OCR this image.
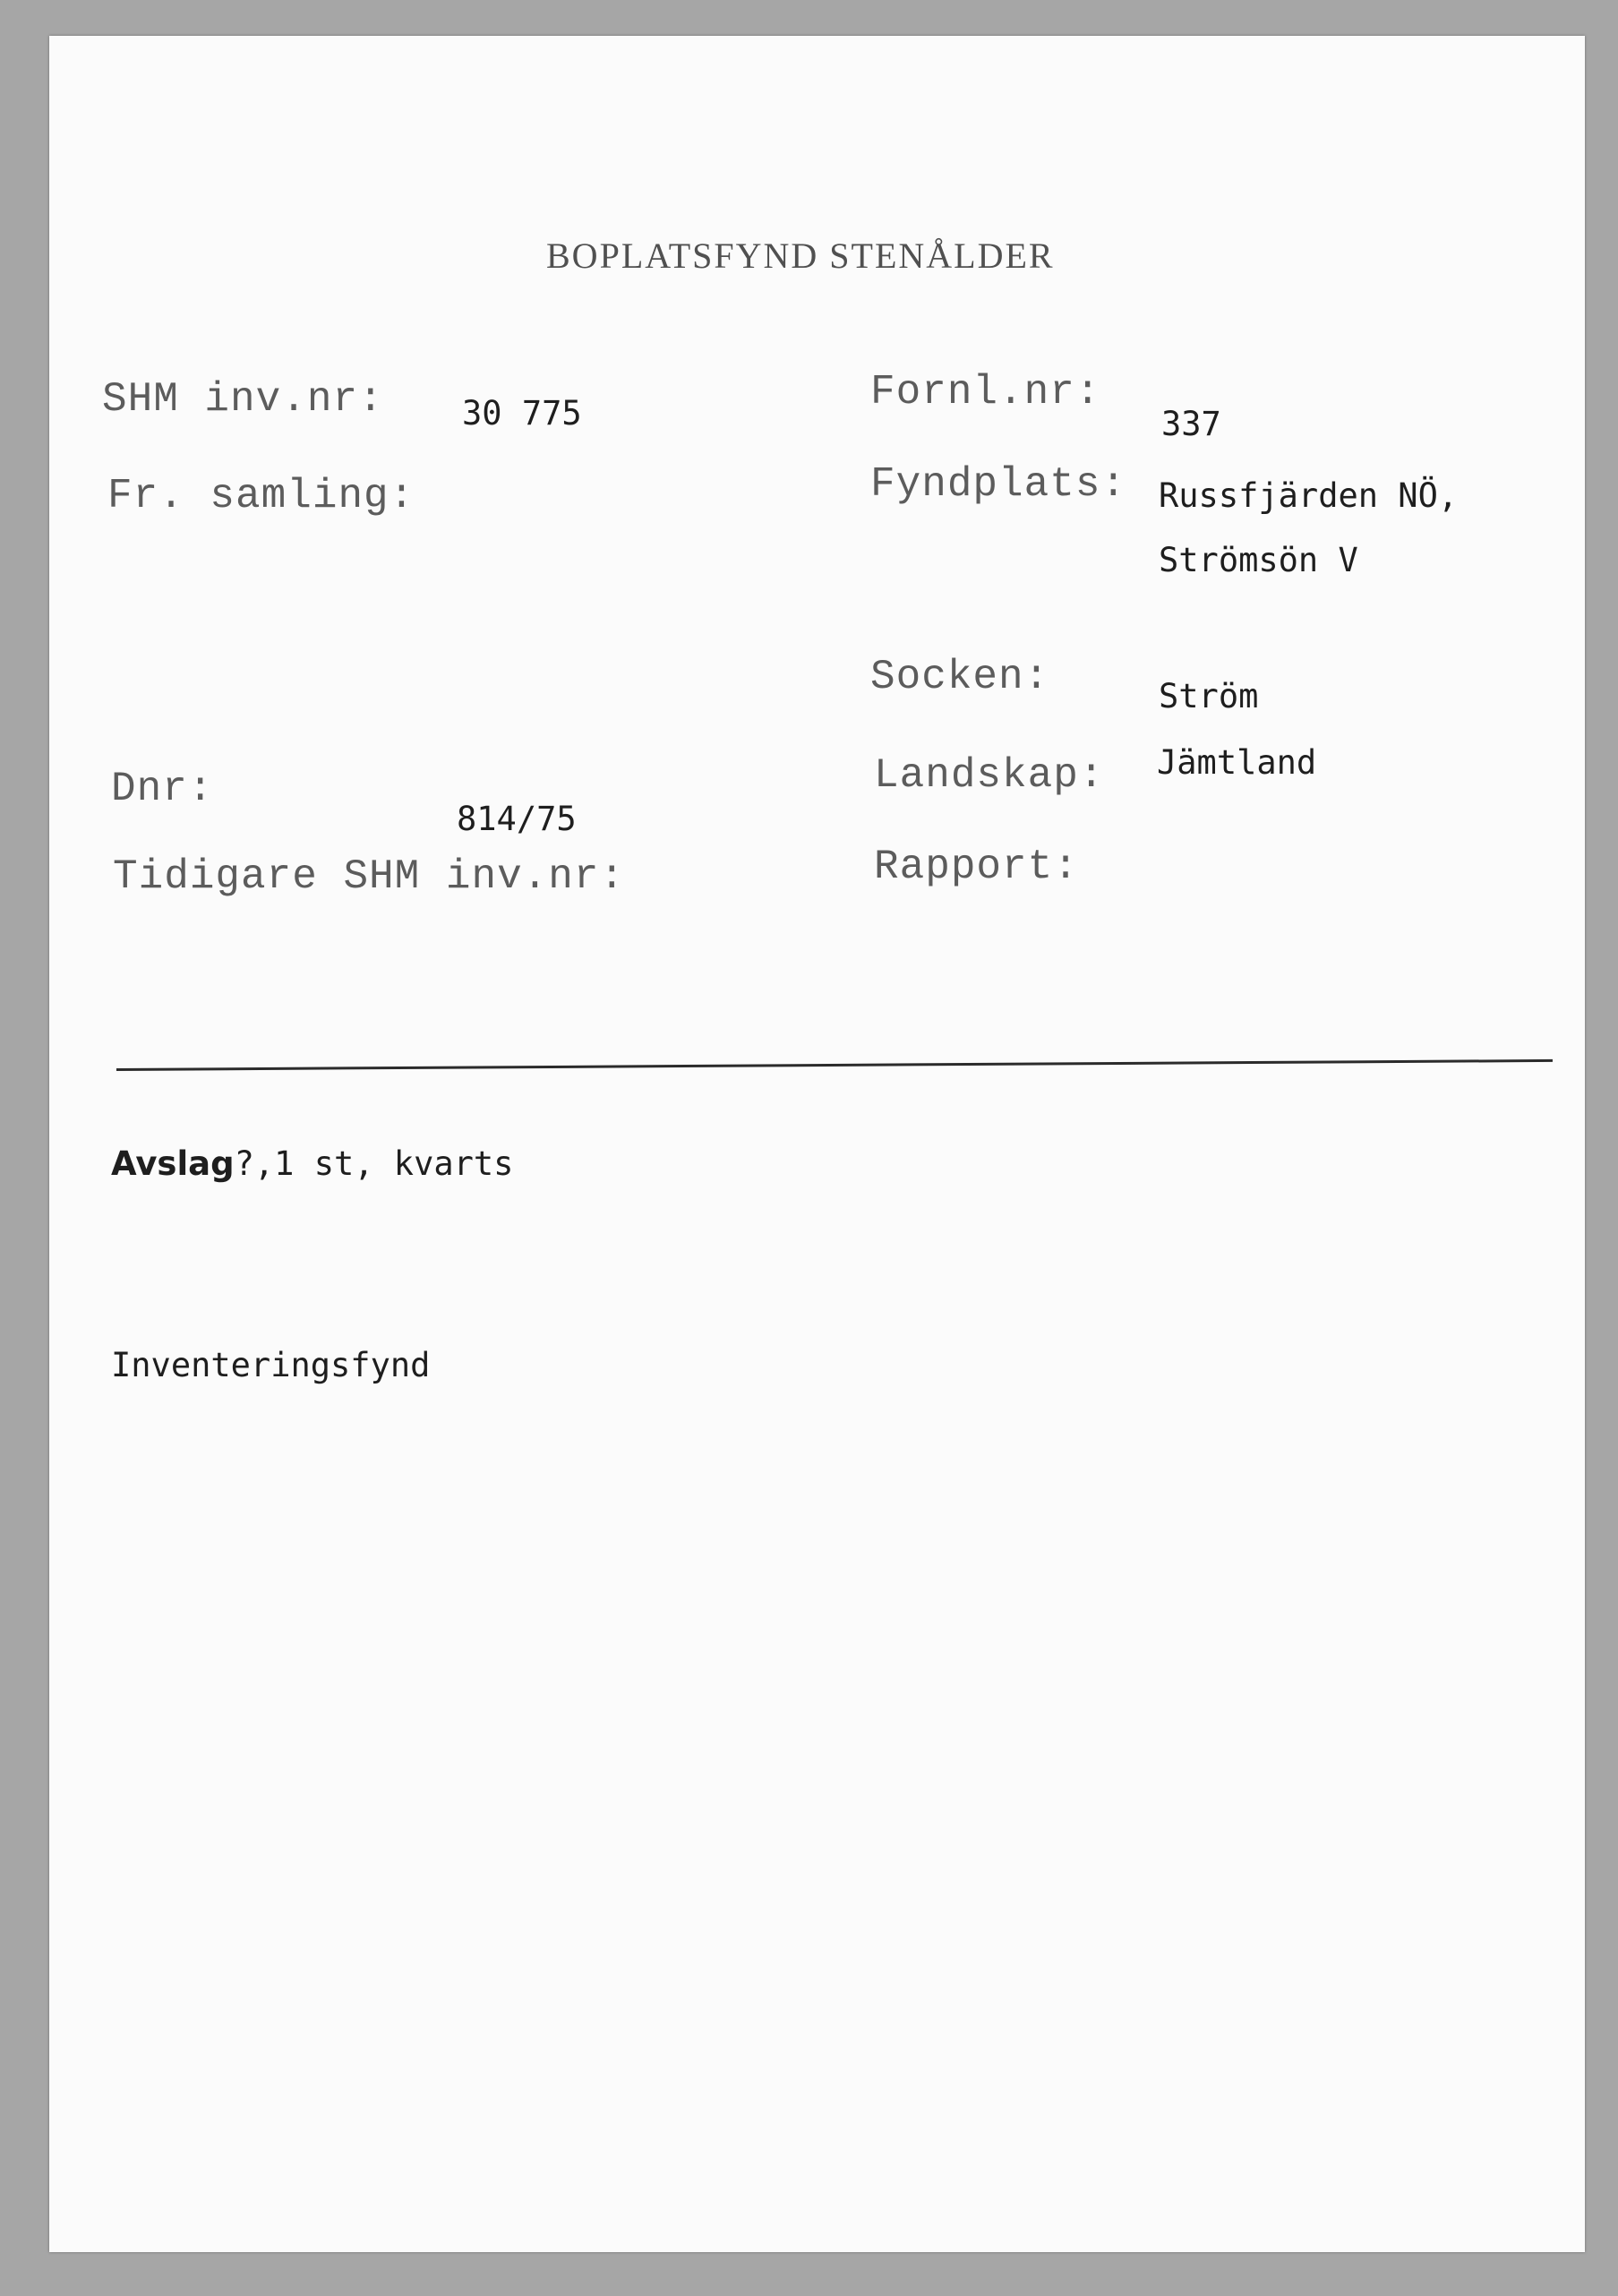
BOPLATSFYND STENÅLDER
SHM inv.nr: 30 775
Fr. samling:
Dnr:
814/75
Tidigare SHM inv.nr:
Fornl.nr:
337
Fyndplats: Russfjärden NÖ,
Strömsön V
Socken:	Ström
Landskap: Jämtland
Rapport:
Avslag?,1 st, kvarts
Inventeringsfynd
